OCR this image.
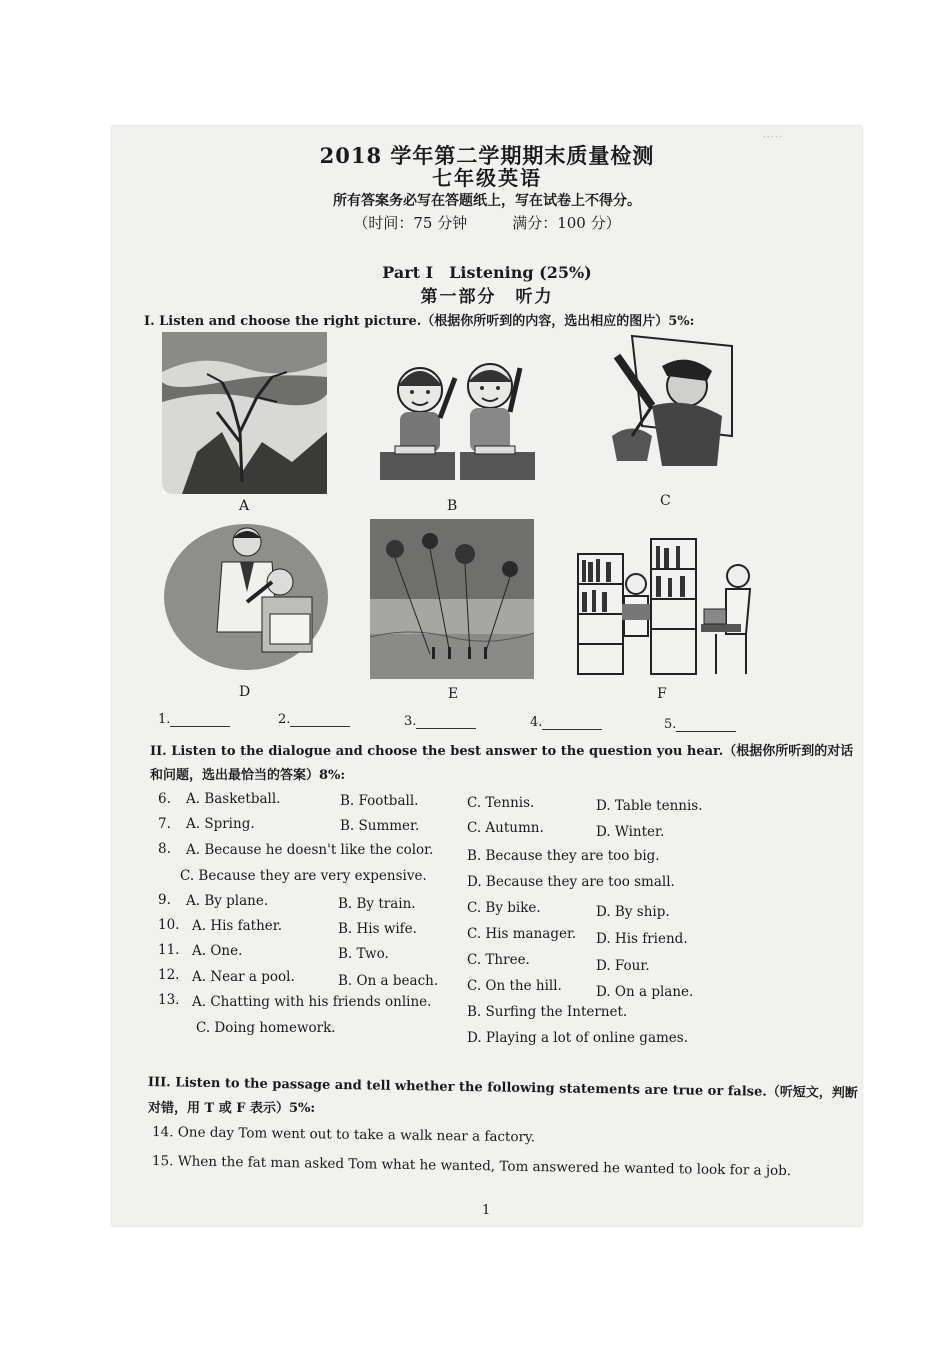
·····
2018 学年第二学期期末质量检测
七年级英语
所有答案务必写在答题纸上，写在试卷上不得分。
（时间：75 分钟　　　满分：100 分）
Part I　Listening (25%)
第一部分　听力
I. Listen and choose the right picture.（根据你所听到的内容，选出相应的图片）5%:
A	B	C
D	E	F
1.	2.	3.	4.	5.
II. Listen to the dialogue and choose the best answer to the question you hear.（根据你所听到的对话
和问题，选出最恰当的答案）8%:
6. A. Basketball.	B. Football.	C. Tennis.	D. Table tennis.
7. A. Spring.	B. Summer.	C. Autumn.	D. Winter.
8. A. Because he doesn't like the color. B. Because they are too big.
C. Because they are very expensive.	D. Because they are too small.
9. A. By plane.	B. By train.	C. By bike.	D. By ship.
10. A. His father.	B. His wife.	C. His manager. D. His friend.
11. A. One.	B. Two.	C. Three.	D. Four.
12. A. Near a pool.	B. On a beach. C. On the hill.	D. On a plane.
13. A. Chatting with his friends online.
B. Surfing the Internet.
C. Doing homework.
D. Playing a lot of online games.
III. Listen to the passage and tell whether the following statements are true or false.（听短文，判断
对错，用 T 或 F 表示）5%:
14. One day Tom went out to take a walk near a factory.
15. When the fat man asked Tom what he wanted, Tom answered he wanted to look for a job.
1
